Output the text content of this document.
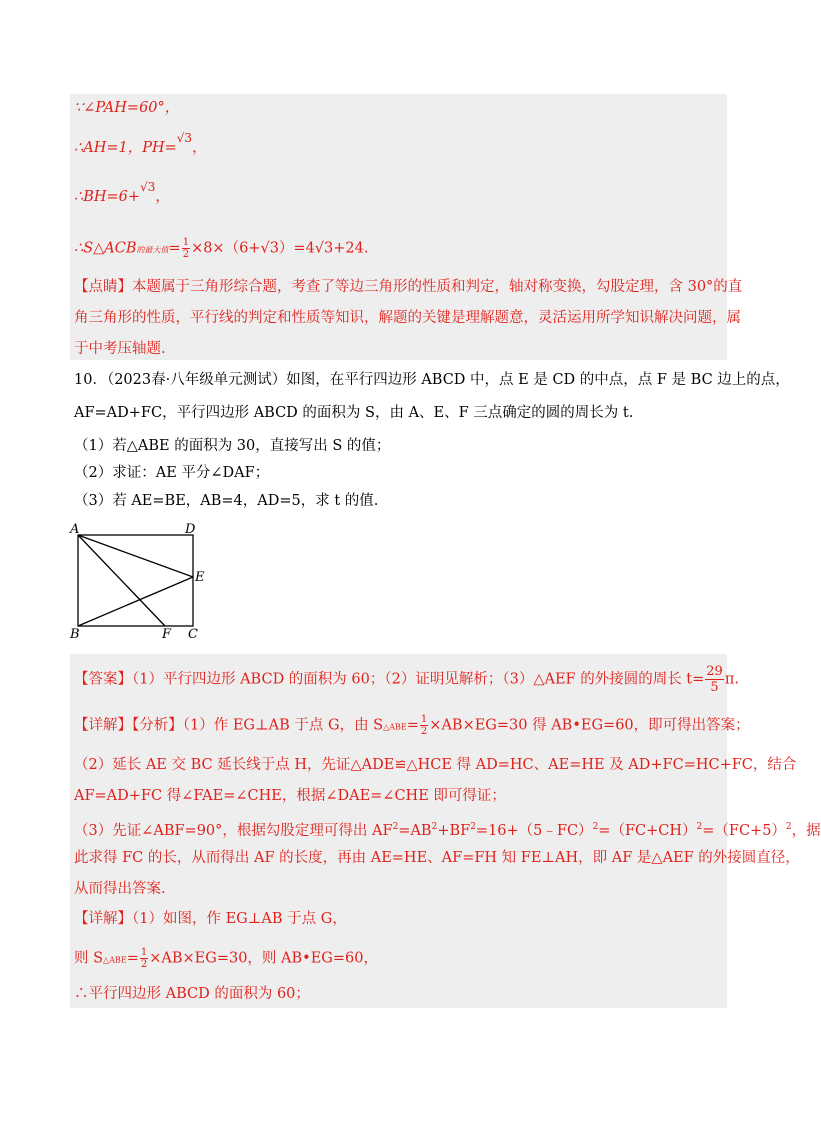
∵∠PAH=60°，
∴AH=1，PH=$^{√3}$，
∴BH=6+$^{√3}$，
∴S△ACB的最大值= $\frac{1}{2} \times 8\times(6+√3)=4√3+24$.
【点睛】本题属于三角形综合题，考查了等边三角形的性质和判定，轴对称变换，勾股定理，含 30°的直
角三角形的性质，平行线的判定和性质等知识，解题的关键是理解题意，灵活运用所学知识解决问题，属
于中考压轴题.
10．（2023春·八年级单元测试）如图，在平行四边形 ABCD 中，点 E 是 CD 的中点，点 F 是 BC 边上的点，
AF=AD+FC，平行四边形 ABCD 的面积为 S，由 A、E、F 三点确定的圆的周长为 t.
（1）若△ABE 的面积为 30，直接写出 S 的值；
（2）求证：AE 平分∠DAF；
（3）若 AE=BE，AB=4，AD=5，求 t 的值.
A	D
E
B	F C
【答案】（1）平行四边形 ABCD 的面积为 60；（2）证明见解析；（3）△AEF 的外接圆的周长 $t= \frac{29}{5} \pi$.
【详解】【分析】（1）作 EG⊥AB 于点 G，由 S△ABE= $\frac{1}{2} \times AB\times EG=30$ 得 AB•EG=60，即可得出答案；
（2）延长 AE 交 BC 延长线于点 H，先证△ADE≌△HCE 得 AD=HC、AE=HE 及 AD+FC=HC+FC，结合
AF=AD+FC 得∠FAE=∠CHE，根据∠DAE=∠CHE 即可得证；
（3）先证∠ABF=90°，根据勾股定理可得出 $AF^2=AB^2+BF^2=16+(5﹣FC)^2=(FC+CH)^2=(FC+5)^2$，据
此求得 FC 的长，从而得出 AF 的长度，再由 AE=HE、AF=FH 知 FE⊥AH，即 AF 是△AEF 的外接圆直径，
从而得出答案.
【详解】（1）如图，作 EG⊥AB 于点 G，
则 S△ABE= $\frac{1}{2} \times AB\times EG=30$，则 AB•EG=60，
∴平行四边形 ABCD 的面积为 60；
